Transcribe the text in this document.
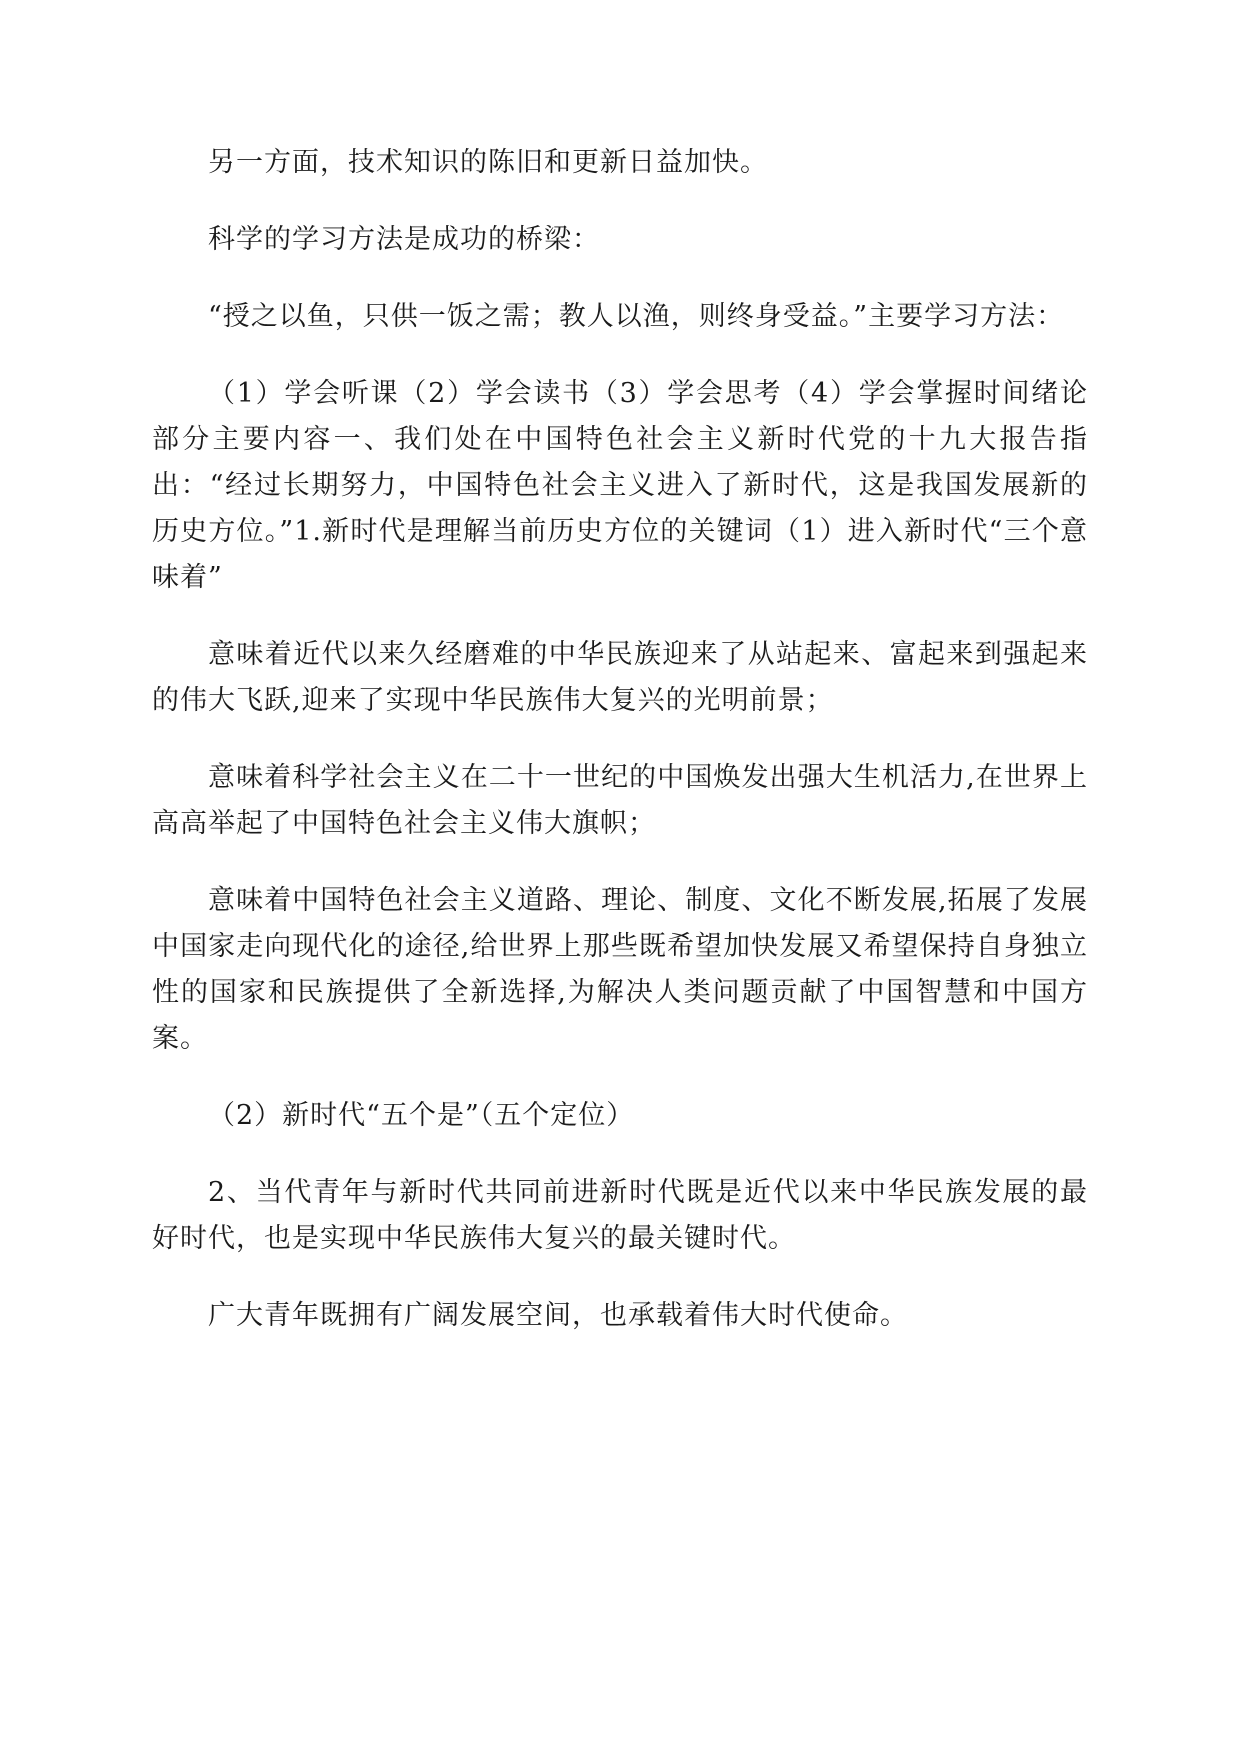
另一方面，技术知识的陈旧和更新日益加快。

科学的学习方法是成功的桥梁：

“授之以鱼，只供一饭之需；教人以渔，则终身受益。”主要学习方法：

（1）学会听课（2）学会读书（3）学会思考（4）学会掌握时间绪论部分主要内容一、我们处在中国特色社会主义新时代党的十九大报告指出：“经过长期努力，中国特色社会主义进入了新时代，这是我国发展新的历史方位。”1.新时代是理解当前历史方位的关键词（1）进入新时代“三个意味着”

意味着近代以来久经磨难的中华民族迎来了从站起来、富起来到强起来的伟大飞跃,迎来了实现中华民族伟大复兴的光明前景；

意味着科学社会主义在二十一世纪的中国焕发出强大生机活力,在世界上高高举起了中国特色社会主义伟大旗帜；

意味着中国特色社会主义道路、理论、制度、文化不断发展,拓展了发展中国家走向现代化的途径,给世界上那些既希望加快发展又希望保持自身独立性的国家和民族提供了全新选择,为解决人类问题贡献了中国智慧和中国方案。

（2）新时代“五个是”（五个定位）

2、当代青年与新时代共同前进新时代既是近代以来中华民族发展的最好时代，也是实现中华民族伟大复兴的最关键时代。

广大青年既拥有广阔发展空间，也承载着伟大时代使命。
